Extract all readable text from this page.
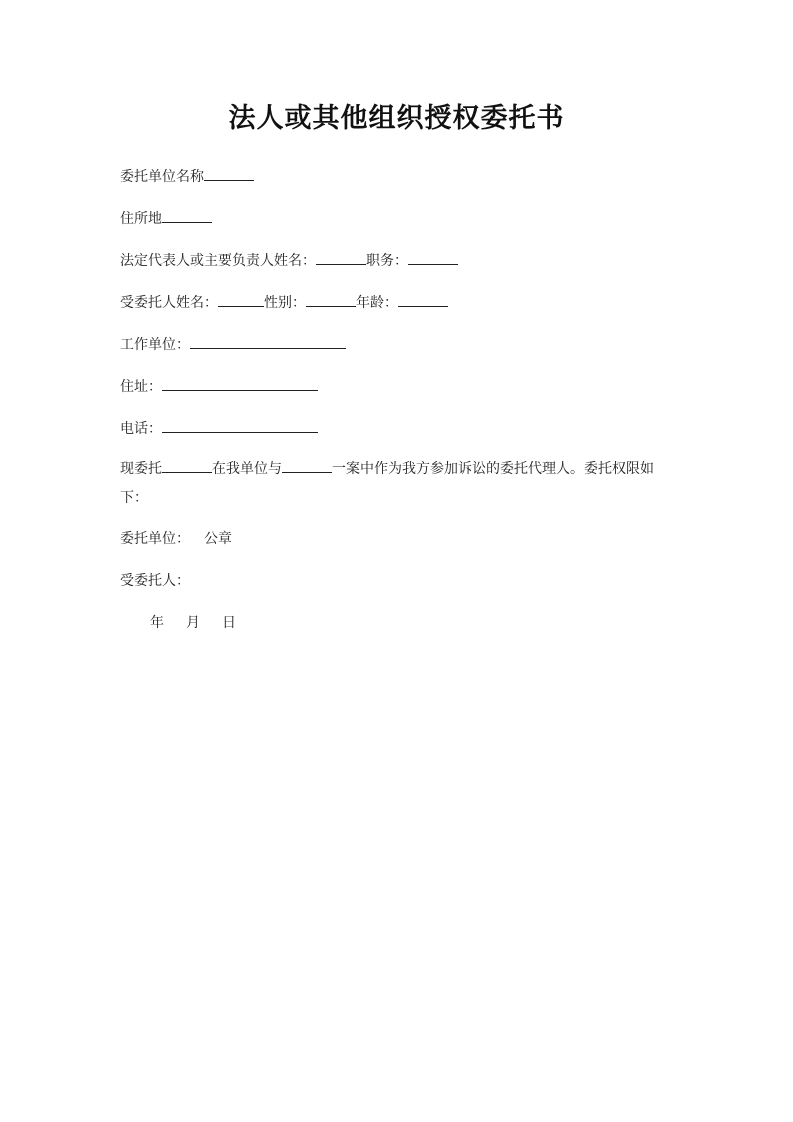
法人或其他组织授权委托书
委托单位名称
住所地
法定代表人或主要负责人姓名：	职务：
受委托人姓名：	性别：	年龄：
工作单位：
住址：
电话：
现委托	在我单位与	一案中作为我方参加诉讼的委托代理人。委托权限如下：
委托单位： 公章
受委托人：
年 月 日
